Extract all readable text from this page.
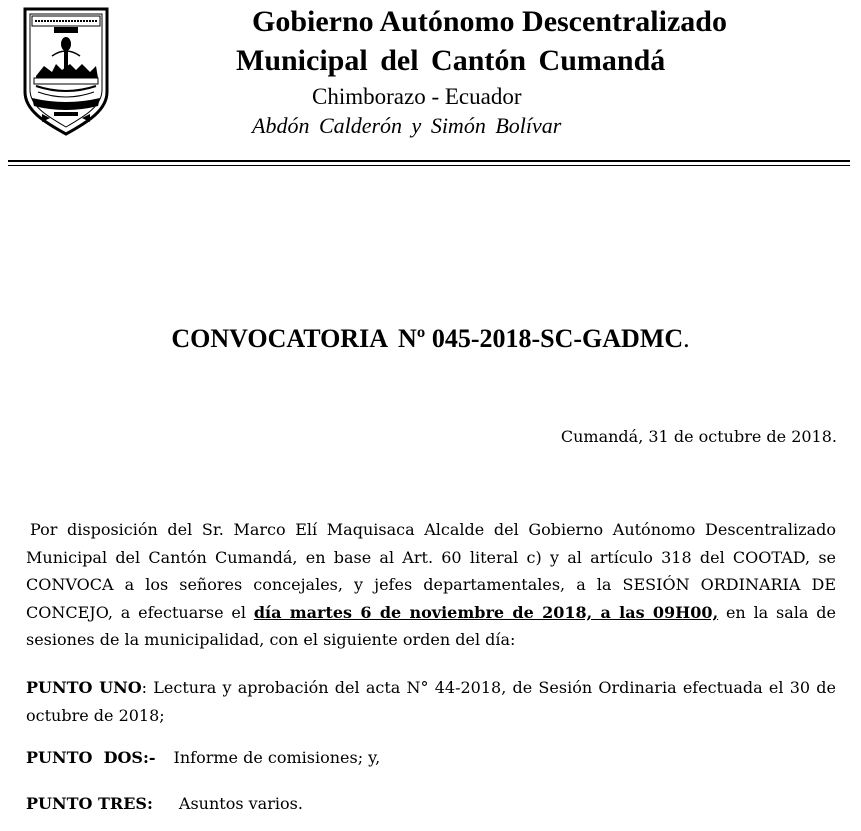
Gobierno Autónomo Descentralizado
Municipal del Cantón Cumandá
Chimborazo - Ecuador
Abdón Calderón y Simón Bolívar
CONVOCATORIA Nº 045-2018-SC-GADMC.
Cumandá, 31 de octubre de 2018.
Por disposición del Sr. Marco Elí Maquisaca Alcalde del Gobierno Autónomo Descentralizado Municipal del Cantón Cumandá, en base al Art. 60 literal c) y al artículo 318 del COOTAD, se CONVOCA a los señores concejales, y jefes departamentales, a la SESIÓN ORDINARIA DE CONCEJO, a efectuarse el día martes 6 de noviembre de 2018, a las 09H00, en la sala de sesiones de la municipalidad, con el siguiente orden del día:
PUNTO UNO: Lectura y aprobación del acta N° 44-2018, de Sesión Ordinaria efectuada el 30 de octubre de 2018;
PUNTO  DOS:- Informe de comisiones; y,
PUNTO TRES: Asuntos varios.
